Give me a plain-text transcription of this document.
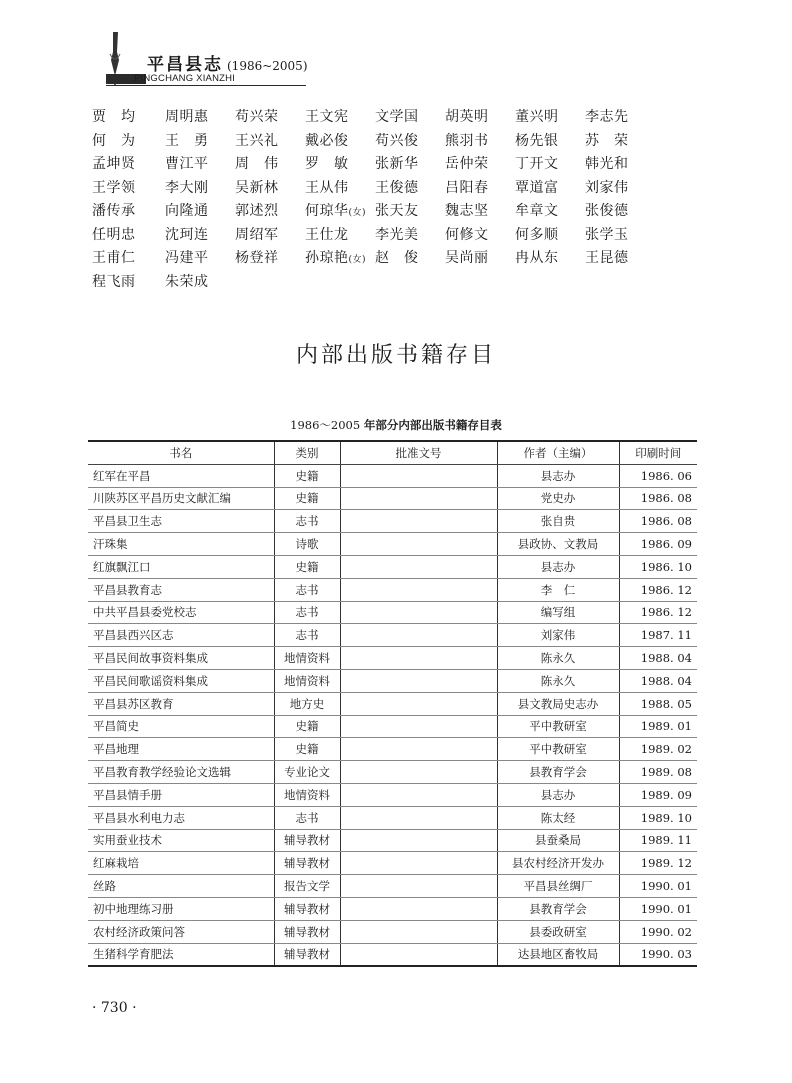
平昌县志 (1986~2005)
PINGCHANG XIANZHI
贾　均 周明惠 苟兴荣 王文宪 文学国 胡英明 董兴明 李志先
何　为 王　勇 王兴礼 戴必俊 苟兴俊 熊羽书 杨先银 苏　荣
孟坤贤 曹江平 周　伟 罗　敏 张新华 岳仲荣 丁开文 韩光和
王学领 李大刚 吴新林 王从伟 王俊德 吕阳春 覃道富 刘家伟
潘传承 向隆通 郭述烈 何琼华(女) 张天友 魏志坚 牟章文 张俊德
任明忠 沈珂连 周绍军 王仕龙 李光美 何修文 何多顺 张学玉
王甫仁 冯建平 杨登祥 孙琼艳(女) 赵　俊 吴尚丽 冉从东 王昆德
程飞雨 朱荣成
内部出版书籍存目
1986～2005 年部分内部出版书籍存目表
书名	类别	批准文号	作者（主编）	印刷时间
红军在平昌	史籍		县志办	1986. 06
川陕苏区平昌历史文献汇编	史籍		党史办	1986. 08
平昌县卫生志	志书		张自贵	1986. 08
汗珠集	诗歌		县政协、文教局	1986. 09
红旗飘江口	史籍		县志办	1986. 10
平昌县教育志	志书		李　仁	1986. 12
中共平昌县委党校志	志书		编写组	1986. 12
平昌县西兴区志	志书		刘家伟	1987. 11
平昌民间故事资料集成	地情资料		陈永久	1988. 04
平昌民间歌谣资料集成	地情资料		陈永久	1988. 04
平昌县苏区教育	地方史		县文教局史志办	1988. 05
平昌简史	史籍		平中教研室	1989. 01
平昌地理	史籍		平中教研室	1989. 02
平昌教育教学经验论文选辑	专业论文		县教育学会	1989. 08
平昌县情手册	地情资料		县志办	1989. 09
平昌县水利电力志	志书		陈太经	1989. 10
实用蚕业技术	辅导教材		县蚕桑局	1989. 11
红麻栽培	辅导教材		县农村经济开发办	1989. 12
丝路	报告文学		平昌县丝绸厂	1990. 01
初中地理练习册	辅导教材		县教育学会	1990. 01
农村经济政策问答	辅导教材		县委政研室	1990. 02
生猪科学育肥法	辅导教材		达县地区畜牧局	1990. 03
· 730 ·
